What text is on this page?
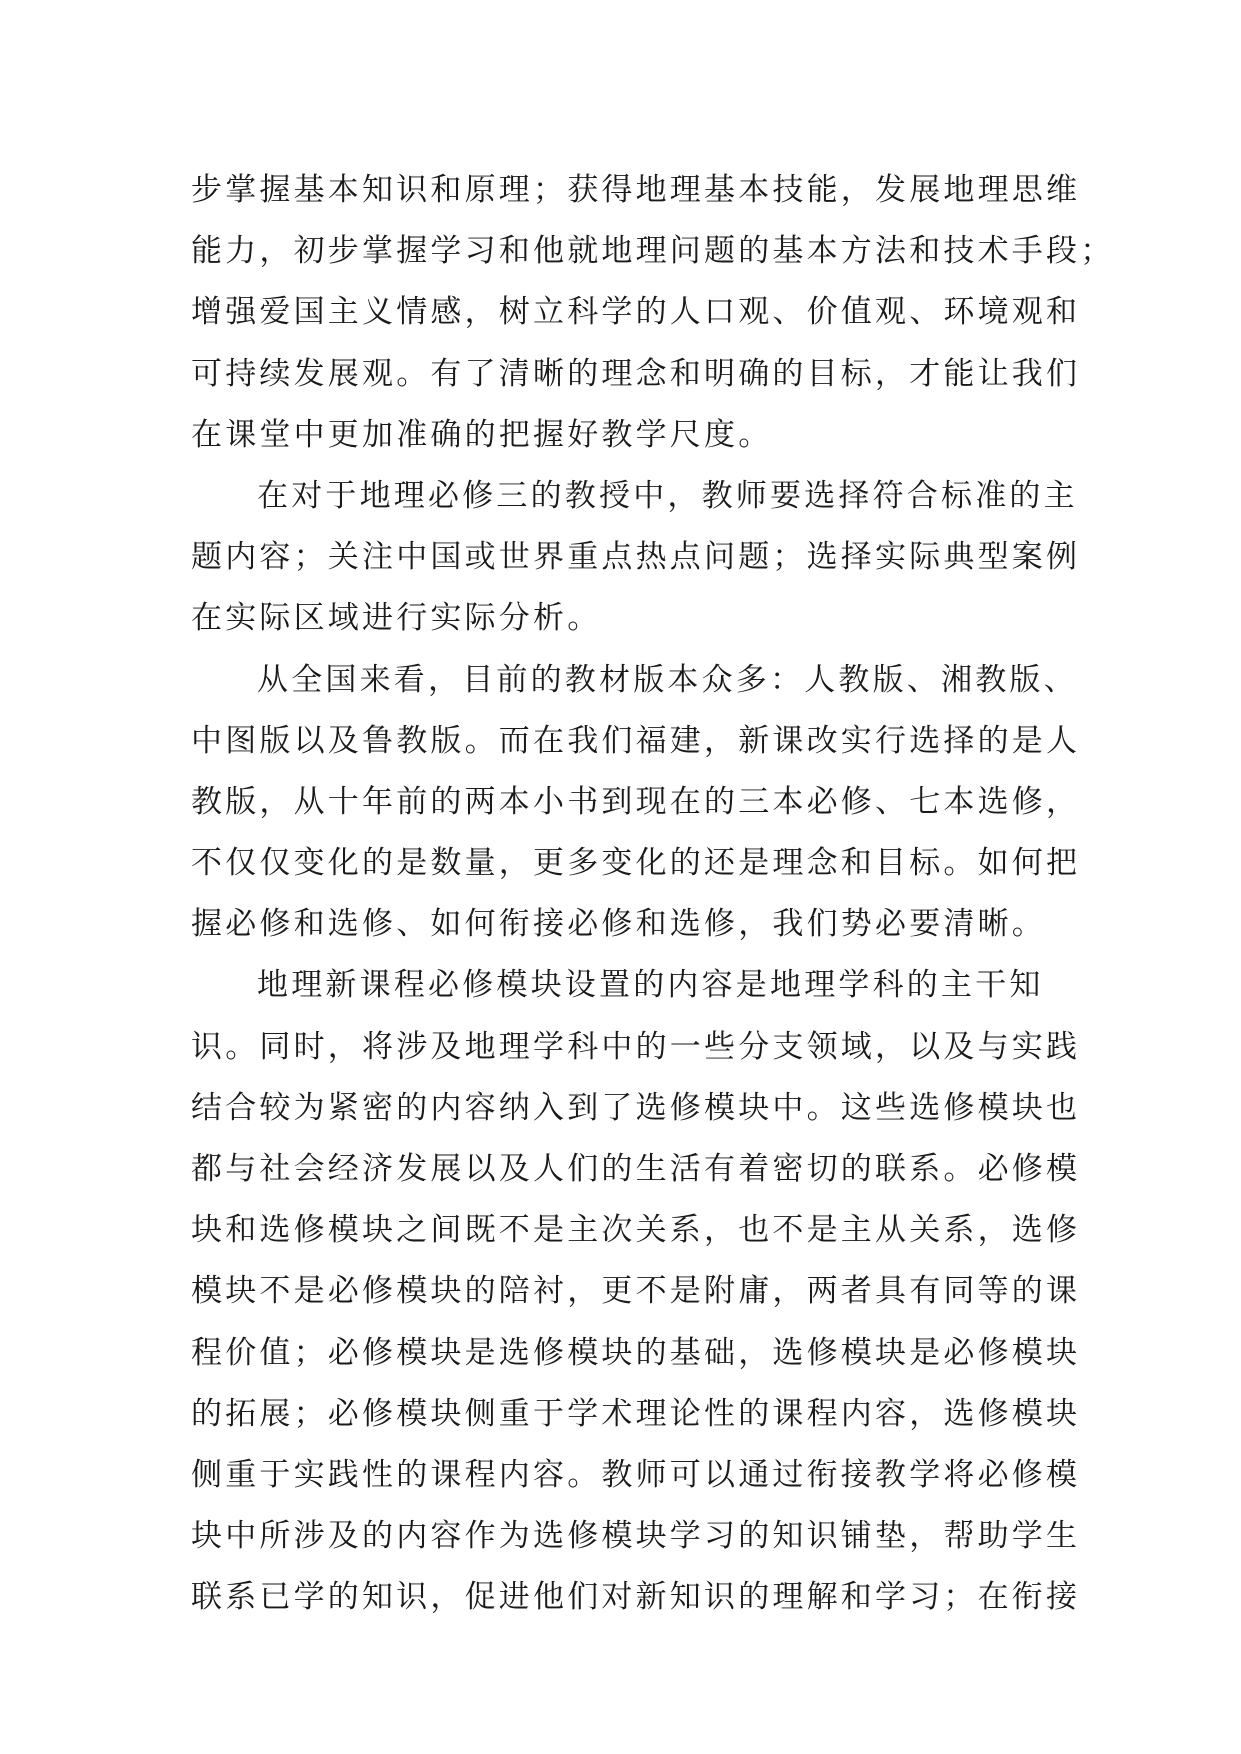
步掌握基本知识和原理；获得地理基本技能，发展地理思维
能力，初步掌握学习和他就地理问题的基本方法和技术手段；
增强爱国主义情感，树立科学的人口观、价值观、环境观和
可持续发展观。有了清晰的理念和明确的目标，才能让我们
在课堂中更加准确的把握好教学尺度。

在对于地理必修三的教授中，教师要选择符合标准的主
题内容；关注中国或世界重点热点问题；选择实际典型案例
在实际区域进行实际分析。

从全国来看，目前的教材版本众多：人教版、湘教版、
中图版以及鲁教版。而在我们福建，新课改实行选择的是人
教版，从十年前的两本小书到现在的三本必修、七本选修，
不仅仅变化的是数量，更多变化的还是理念和目标。如何把
握必修和选修、如何衔接必修和选修，我们势必要清晰。

地理新课程必修模块设置的内容是地理学科的主干知
识。同时，将涉及地理学科中的一些分支领域，以及与实践
结合较为紧密的内容纳入到了选修模块中。这些选修模块也
都与社会经济发展以及人们的生活有着密切的联系。必修模
块和选修模块之间既不是主次关系，也不是主从关系，选修
模块不是必修模块的陪衬，更不是附庸，两者具有同等的课
程价值；必修模块是选修模块的基础，选修模块是必修模块
的拓展；必修模块侧重于学术理论性的课程内容，选修模块
侧重于实践性的课程内容。教师可以通过衔接教学将必修模
块中所涉及的内容作为选修模块学习的知识铺垫，帮助学生
联系已学的知识，促进他们对新知识的理解和学习；在衔接
